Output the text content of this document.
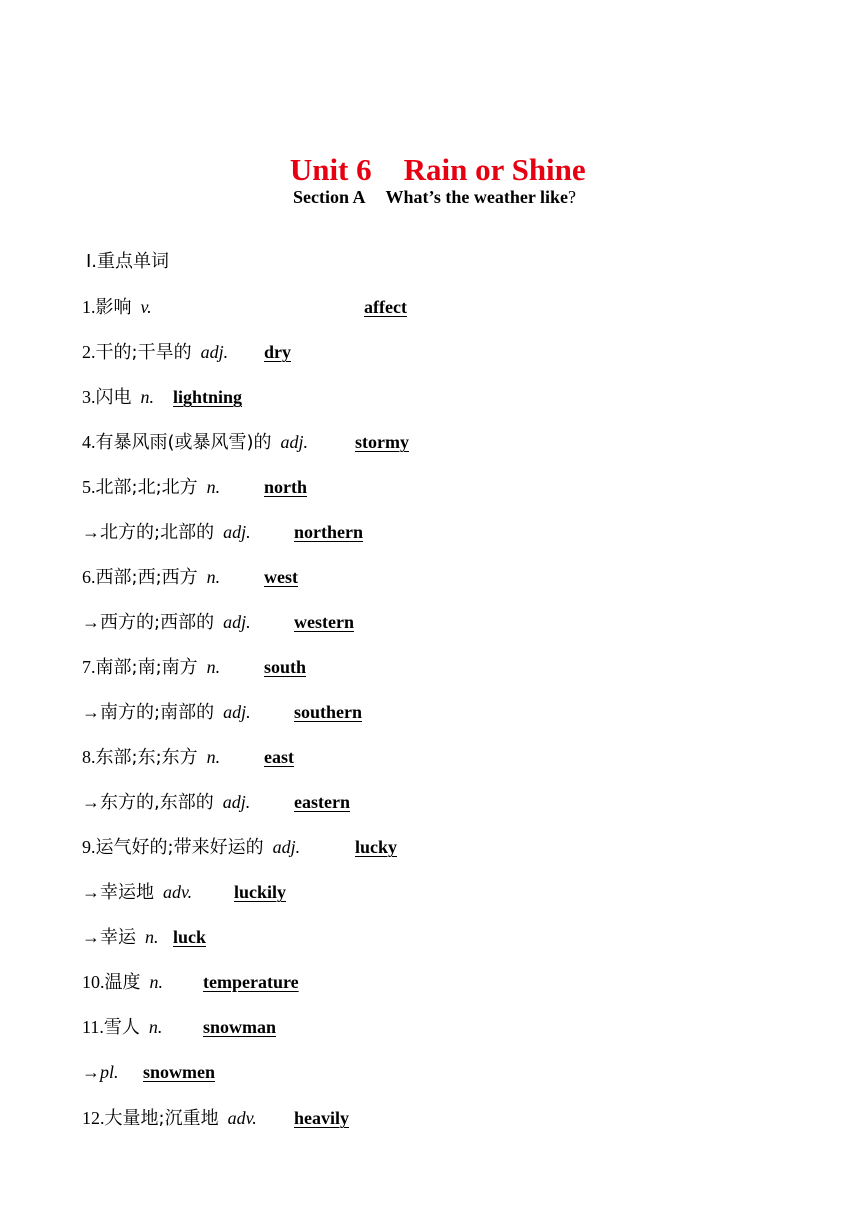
Unit 6 Rain or Shine

Section A What’s the weather like?

Ⅰ.重点单词
1.影响 v.	affect
2.干的;干旱的 adj. dry
3.闪电 n. lightning
4.有暴风雨(或暴风雪)的 adj.	stormy
5.北部;北;北方 n. north
→北方的;北部的 adj. northern
6.西部;西;西方 n. west
→西方的;西部的 adj. western
7.南部;南;南方 n. south
→南方的;南部的 adj. southern
8.东部;东;东方 n. east
→东方的,东部的 adj. eastern
9.运气好的;带来好运的 adj.	lucky
→幸运地 adv. luckily
→幸运 n. luck
10.温度 n. temperature
11.雪人 n. snowman
→pl. snowmen
12.大量地;沉重地 adv. heavily
